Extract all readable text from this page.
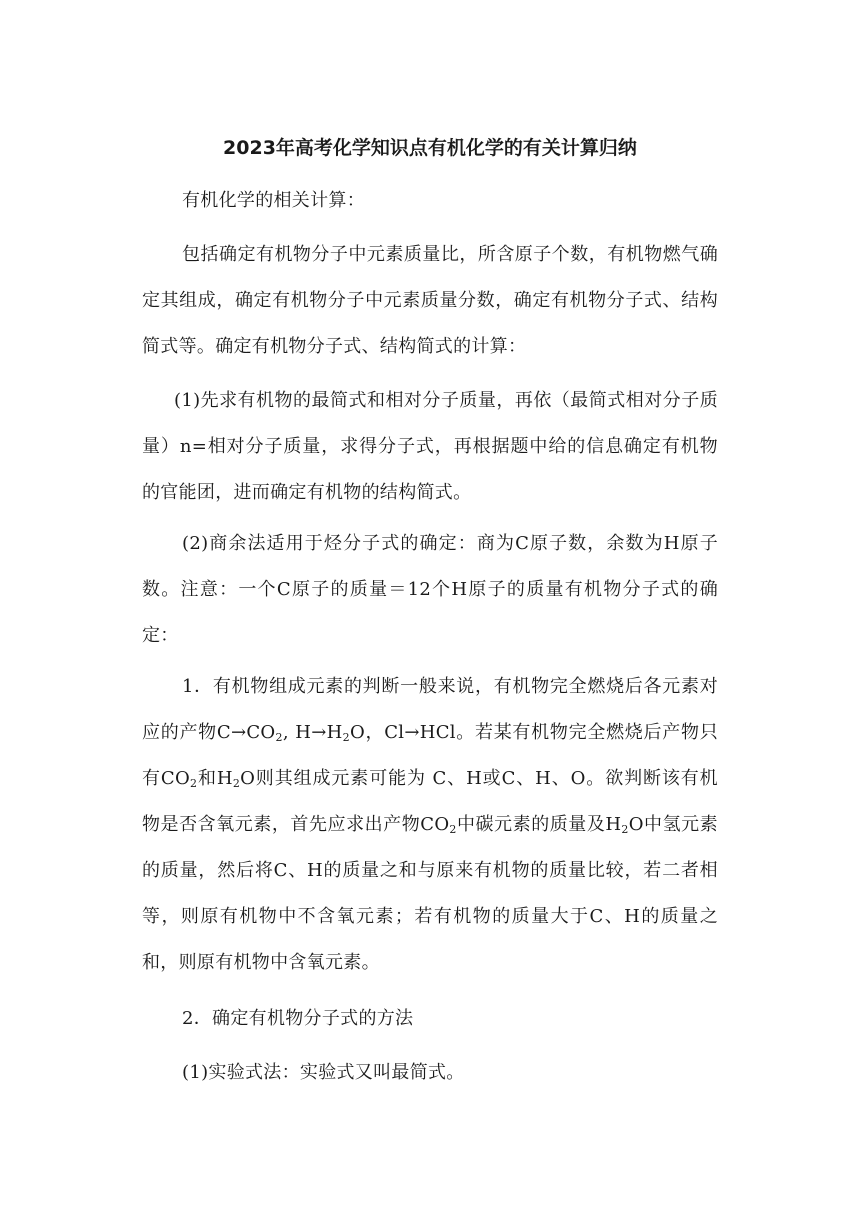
2023年高考化学知识点有机化学的有关计算归纳

有机化学的相关计算：

包括确定有机物分子中元素质量比，所含原子个数，有机物燃气确定其组成，确定有机物分子中元素质量分数，确定有机物分子式、结构简式等。确定有机物分子式、结构简式的计算：

(1)先求有机物的最简式和相对分子质量，再依（最简式相对分子质量）n=相对分子质量，求得分子式，再根据题中给的信息确定有机物的官能团，进而确定有机物的结构简式。

(2)商余法适用于烃分子式的确定：商为C原子数，余数为H原子数。注意：一个C原子的质量＝12个H原子的质量有机物分子式的确定：

1．有机物组成元素的判断一般来说，有机物完全燃烧后各元素对应的产物$C\to CO_2$, $H\to H_2O$，Cl→HCl。若某有机物完全燃烧后产物只有$CO_2$和$H_2O$则其组成元素可能为 C、H或C、H、O。欲判断该有机物是否含氧元素，首先应求出产物$CO_2$中碳元素的质量及$H_2O$中氢元素的质量，然后将C、H的质量之和与原来有机物的质量比较，若二者相等，则原有机物中不含氧元素；若有机物的质量大于C、H的质量之和，则原有机物中含氧元素。

2．确定有机物分子式的方法

(1)实验式法：实验式又叫最简式。
